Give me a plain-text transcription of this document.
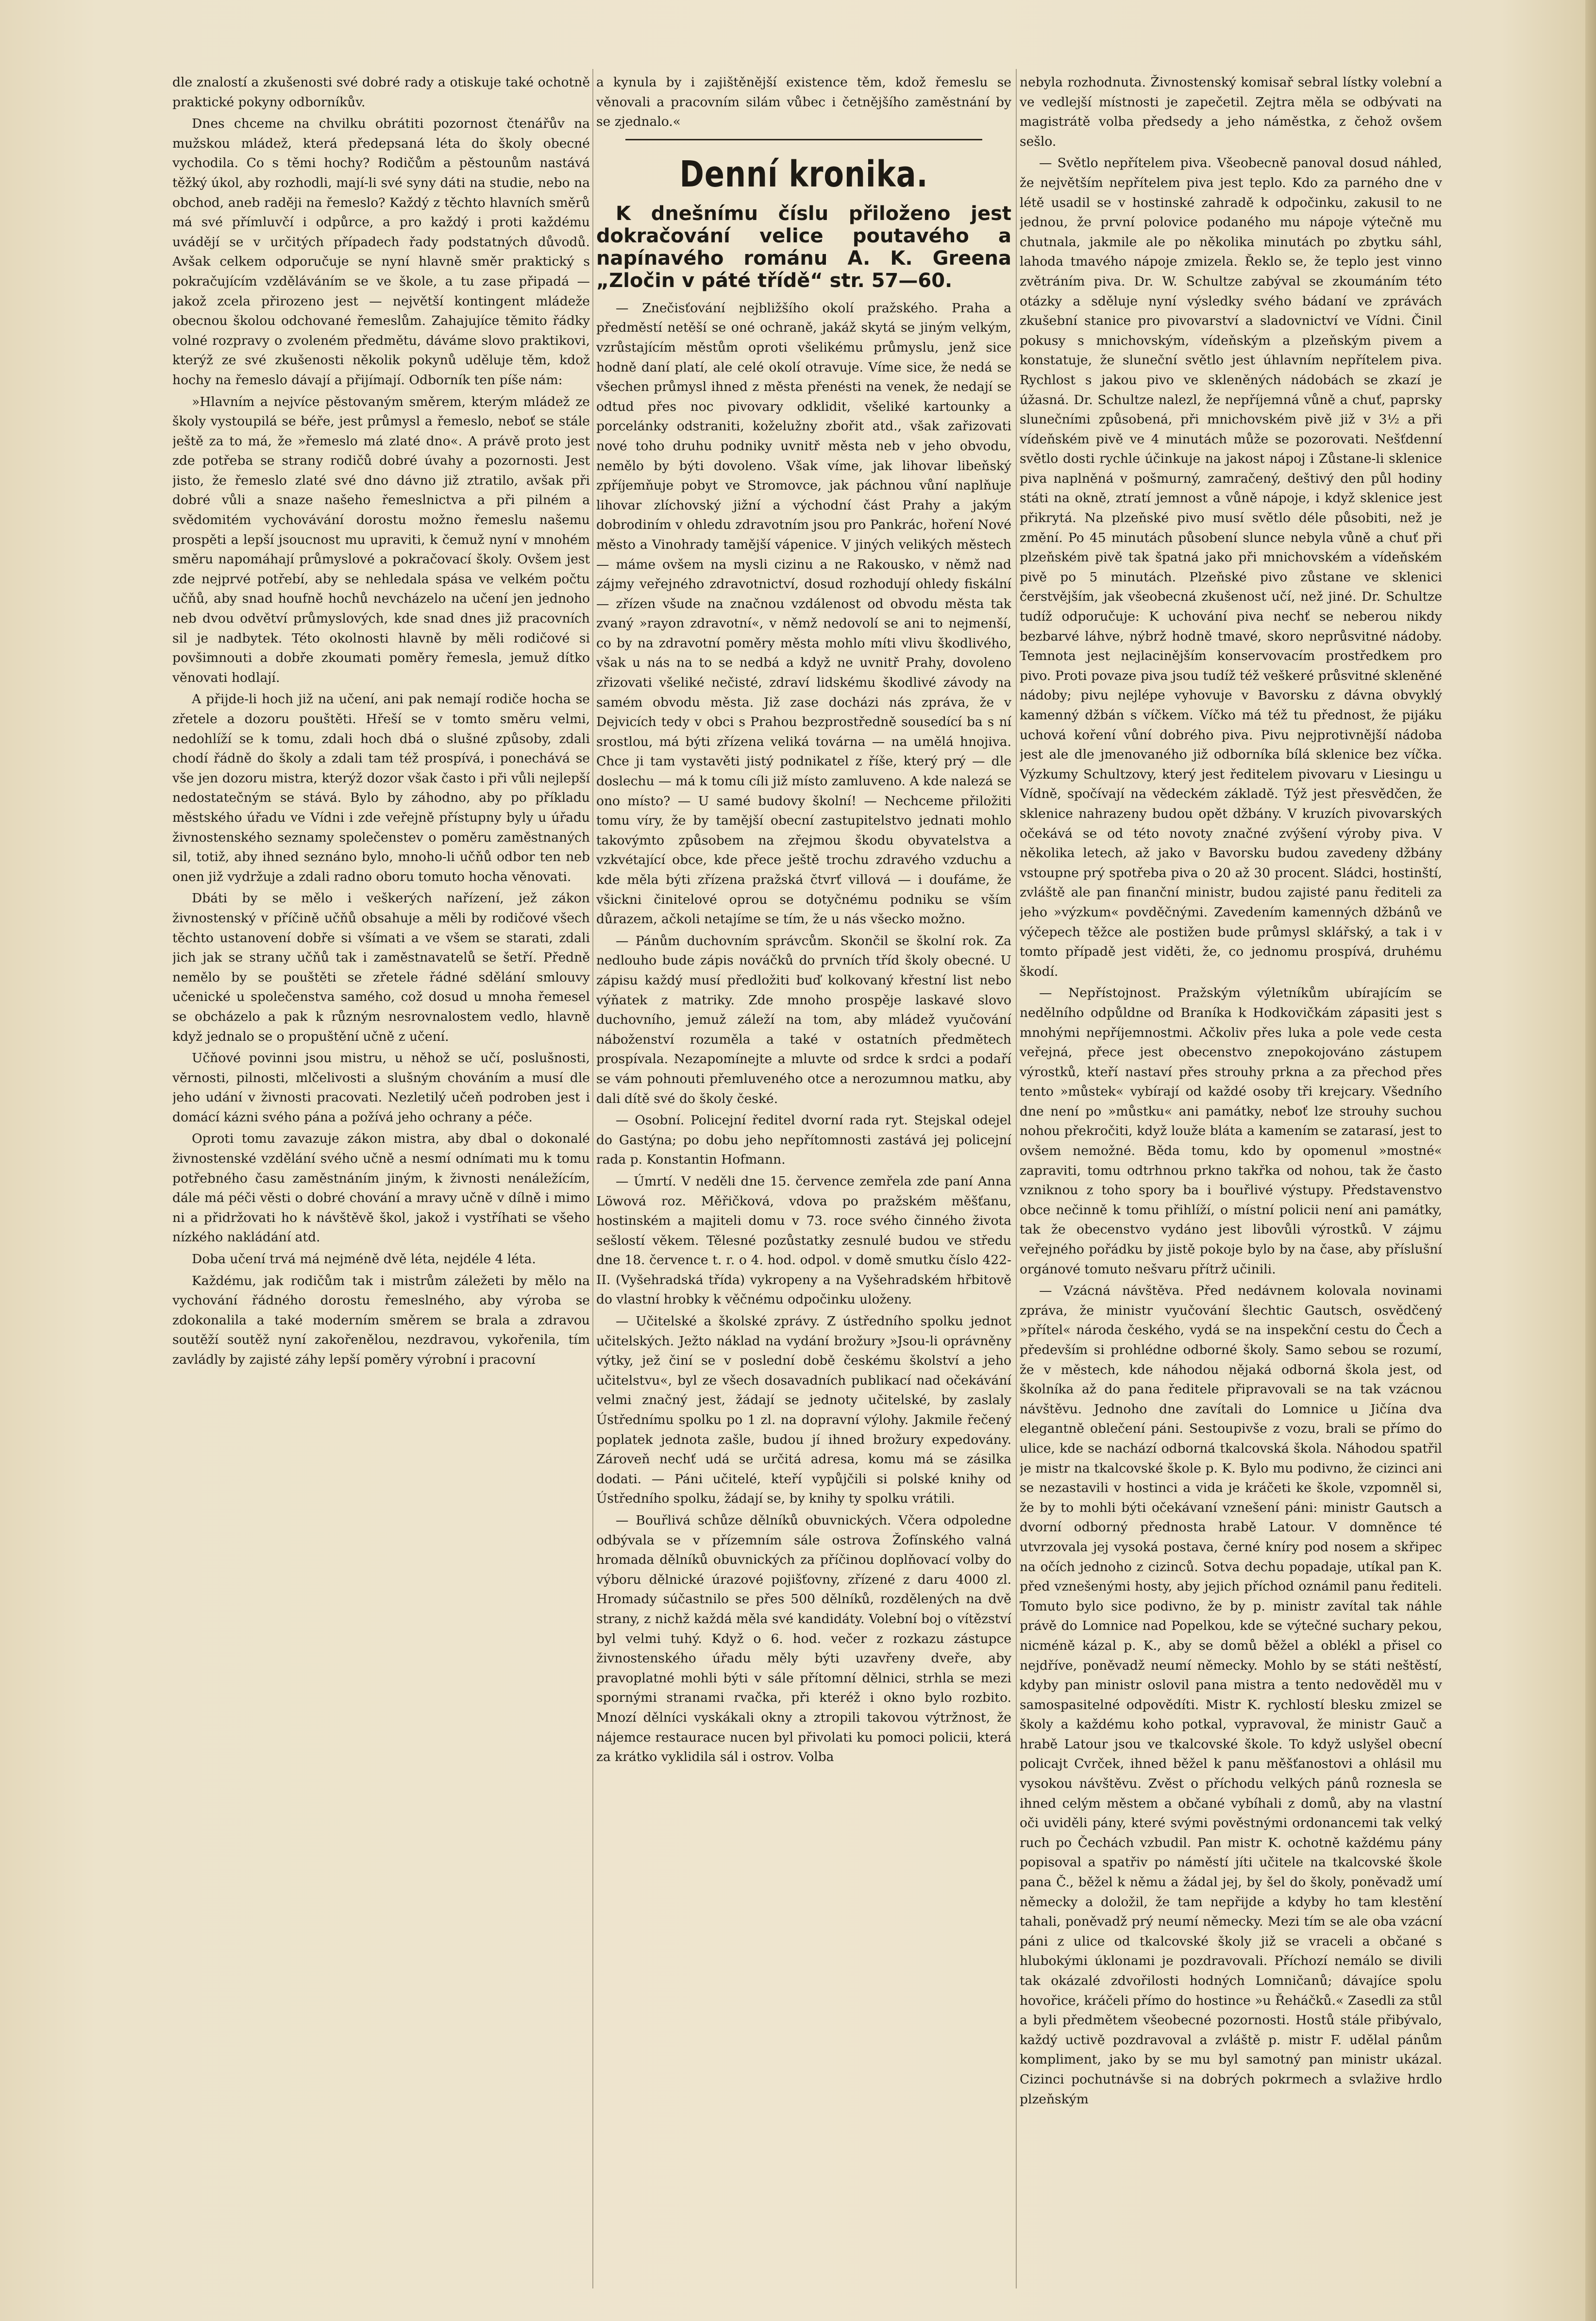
dle znalostí a zkušenosti své dobré rady a otiskuje také ochotně praktické pokyny odborníkův.

Dnes chceme na chvilku obrátiti pozornost čtenářův na mužskou mládež, která předepsaná léta do školy obecné vychodila. Co s těmi hochy? Rodičům a pěstounům nastává těžký úkol, aby rozhodli, mají-li své syny dáti na studie, nebo na obchod, aneb raději na řemeslo? Každý z těchto hlavních směrů má své přímluvčí i odpůrce, a pro každý i proti každému uvádějí se v určitých případech řady podstatných důvodů. Avšak celkem odporučuje se nyní hlavně směr praktický s pokračujícím vzděláváním se ve škole, a tu zase připadá — jakož zcela přirozeno jest — největší kontingent mládeže obecnou školou odchované řemeslům. Zahajujíce těmito řádky volné rozpravy o zvoleném předmětu, dáváme slovo praktikovi, kterýž ze své zkušenosti několik pokynů uděluje těm, kdož hochy na řemeslo dávají a přijímají. Odborník ten píše nám:

»Hlavním a nejvíce pěstovaným směrem, kterým mládež ze školy vystoupilá se béře, jest průmysl a řemeslo, neboť se stále ještě za to má, že »řemeslo má zlaté dno«. A právě proto jest zde potřeba se strany rodičů dobré úvahy a pozornosti. Jest jisto, že řemeslo zlaté své dno dávno již ztratilo, avšak při dobré vůli a snaze našeho řemeslnictva a při pilném a svědomitém vychovávání dorostu možno řemeslu našemu prospěti a lepší jsoucnost mu upraviti, k čemuž nyní v mnohém směru napomáhají průmyslové a pokračovací školy. Ovšem jest zde nejprvé potřebí, aby se nehledala spása ve velkém počtu učňů, aby snad houfně hochů nevcházelo na učení jen jednoho neb dvou odvětví průmyslových, kde snad dnes již pracovních sil je nadbytek. Této okolnosti hlavně by měli rodičové si povšimnouti a dobře zkoumati poměry řemesla, jemuž dítko věnovati hodlají.

A přijde-li hoch již na učení, ani pak nemají rodiče hocha se zřetele a dozoru pouštěti. Hřeší se v tomto směru velmi, nedohlíží se k tomu, zdali hoch dbá o slušné způsoby, zdali chodí řádně do školy a zdali tam též prospívá, i ponechává se vše jen dozoru mistra, kterýž dozor však často i při vůli nejlepší nedostatečným se stává. Bylo by záhodno, aby po příkladu městského úřadu ve Vídni i zde veřejně přístupny byly u úřadu živnostenského seznamy společenstev o poměru zaměstnaných sil, totiž, aby ihned seznáno bylo, mnoho-li učňů odbor ten neb onen již vydržuje a zdali radno oboru tomuto hocha věnovati.

Dbáti by se mělo i veškerých nařízení, jež zákon živnostenský v příčině učňů obsahuje a měli by rodičové všech těchto ustanovení dobře si všímati a ve všem se starati, zdali jich jak se strany učňů tak i zaměstnavatelů se šetří. Předně nemělo by se pouštěti se zřetele řádné sdělání smlouvy učenické u společenstva samého, což dosud u mnoha řemesel se obcházelo a pak k různým nesrovnalostem vedlo, hlavně když jednalo se o propuštění učně z učení.

Učňové povinni jsou mistru, u něhož se učí, poslušnosti, věrnosti, pilnosti, mlčelivosti a slušným chováním a musí dle jeho udání v živnosti pracovati. Nezletilý učeň podroben jest i domácí kázni svého pána a požívá jeho ochrany a péče.

Oproti tomu zavazuje zákon mistra, aby dbal o dokonalé živnostenské vzdělání svého učně a nesmí odnímati mu k tomu potřebného času zaměstnáním jiným, k živnosti nenáležícím, dále má péči věsti o dobré chování a mravy učně v dílně i mimo ni a přidržovati ho k návštěvě škol, jakož i vystříhati se všeho nízkého nakládání atd.

Doba učení trvá má nejméně dvě léta, nejdéle 4 léta.

Každému, jak rodičům tak i mistrům záležeti by mělo na vychování řádného dorostu řemeslného, aby výroba se zdokonalila a také moderním směrem se brala a zdravou soutěží soutěž nyní zakořenělou, nezdravou, vykořenila, tím zavládly by zajisté záhy lepší poměry výrobní i pracovní

a kynula by i zajištěnější existence těm, kdož řemeslu se věnovali a pracovním silám vůbec i četnějšího zaměstnání by se zjednalo.«

Denní kronika.

K dnešnímu číslu přiloženo jest dokračování velice poutavého a napínavého románu A. K. Greena „Zločin v páté třídě“ str. 57—60.

— Znečisťování nejbližšího okolí pražského. Praha a předměstí netěší se oné ochraně, jakáž skytá se jiným velkým, vzrůstajícím městům oproti všelikému průmyslu, jenž sice hodně daní platí, ale celé okolí otravuje. Víme sice, že nedá se všechen průmysl ihned z města přenésti na venek, že nedají se odtud přes noc pivovary odklidit, všeliké kartounky a porcelánky odstraniti, koželužny zbořit atd., však zařizovati nové toho druhu podniky uvnitř města neb v jeho obvodu, nemělo by býti dovoleno. Však víme, jak lihovar libeňský zpříjemňuje pobyt ve Stromovce, jak páchnou vůní naplňuje lihovar zlíchovský jižní a východní část Prahy a jakým dobrodiním v ohledu zdravotním jsou pro Pankrác, hoření Nové město a Vinohrady tamější vápenice. V jiných velikých městech — máme ovšem na mysli cizinu a ne Rakousko, v němž nad zájmy veřejného zdravotnictví, dosud rozhodují ohledy fiskální — zřízen všude na značnou vzdálenost od obvodu města tak zvaný »rayon zdravotní«, v němž nedovolí se ani to nejmenší, co by na zdravotní poměry města mohlo míti vlivu škodlivého, však u nás na to se nedbá a když ne uvnitř Prahy, dovoleno zřizovati všeliké nečisté, zdraví lidskému škodlivé závody na samém obvodu města. Již zase docházi nás zpráva, že v Dejvicích tedy v obci s Prahou bezprostředně sousedící ba s ní srostlou, má býti zřízena veliká továrna — na umělá hnojiva. Chce ji tam vystavěti jistý podnikatel z říše, který prý — dle doslechu — má k tomu cíli již místo zamluveno. A kde nalezá se ono místo? — U samé budovy školní! — Nechceme přiložiti tomu víry, že by tamější obecní zastupitelstvo jednati mohlo takovýmto způsobem na zřejmou škodu obyvatelstva a vzkvétající obce, kde přece ještě trochu zdravého vzduchu a kde měla býti zřízena pražská čtvrť villová — i doufáme, že všickni činitelové oprou se dotyčnému podniku se vším důrazem, ačkoli netajíme se tím, že u nás všecko možno.

— Pánům duchovním správcům. Skončil se školní rok. Za nedlouho bude zápis nováčků do prvních tříd školy obecné. U zápisu každý musí předložiti buď kolkovaný křestní list nebo výňatek z matriky. Zde mnoho prospěje laskavé slovo duchovního, jemuž záleží na tom, aby mládež vyučování náboženství rozuměla a také v ostatních předmětech prospívala. Nezapomínejte a mluvte od srdce k srdci a podaří se vám pohnouti přemluveného otce a nerozumnou matku, aby dali dítě své do školy české.

— Osobní. Policejní ředitel dvorní rada ryt. Stejskal odejel do Gastýna; po dobu jeho nepřítomnosti zastává jej policejní rada p. Konstantin Hofmann.

— Úmrtí. V neděli dne 15. července zemřela zde paní Anna Löwová roz. Měřičková, vdova po pražském měšťanu, hostinském a majiteli domu v 73. roce svého činného života sešlostí věkem. Tělesné pozůstatky zesnulé budou ve středu dne 18. července t. r. o 4. hod. odpol. v domě smutku číslo 422-II. (Vyšehradská třída) vykropeny a na Vyšehradském hřbitově do vlastní hrobky k věčnému odpočinku uloženy.

— Učitelské a školské zprávy. Z ústředního spolku jednot učitelských. Ježto náklad na vydání brožury »Jsou-li oprávněny výtky, jež činí se v poslední době českému školství a jeho učitelstvu«, byl ze všech dosavadních publikací nad očekávání velmi značný jest, žádají se jednoty učitelské, by zaslaly Ústřednímu spolku po 1 zl. na dopravní výlohy. Jakmile řečený poplatek jednota zašle, budou jí ihned brožury expedovány. Zároveň nechť udá se určitá adresa, komu má se zásilka dodati. — Páni učitelé, kteří vypůjčili si polské knihy od Ústředního spolku, žádají se, by knihy ty spolku vrátili.

— Bouřlivá schůze dělníků obuvnických. Včera odpoledne odbývala se v přízemním sále ostrova Žofínského valná hromada dělníků obuvnických za příčinou doplňovací volby do výboru dělnické úrazové pojišťovny, zřízené z daru 4000 zl. Hromady súčastnilo se přes 500 dělníků, rozdělených na dvě strany, z nichž každá měla své kandidáty. Volební boj o vítězství byl velmi tuhý. Když o 6. hod. večer z rozkazu zástupce živnostenského úřadu měly býti uzavřeny dveře, aby pravoplatné mohli býti v sále přítomní dělnici, strhla se mezi spornými stranami rvačka, při kteréž i okno bylo rozbito. Mnozí dělníci vyskákali okny a ztropili takovou výtržnost, že nájemce restaurace nucen byl přivolati ku pomoci policii, která za krátko vyklidila sál i ostrov. Volba

nebyla rozhodnuta. Živnostenský komisař sebral lístky volební a ve vedlejší místnosti je zapečetil. Zejtra měla se odbývati na magistrátě volba předsedy a jeho náměstka, z čehož ovšem sešlo.

— Světlo nepřítelem piva. Všeobecně panoval dosud náhled, že největším nepřítelem piva jest teplo. Kdo za parného dne v létě usadil se v hostinské zahradě k odpočinku, zakusil to ne jednou, že první polovice podaného mu nápoje výtečně mu chutnala, jakmile ale po několika minutách po zbytku sáhl, lahoda tmavého nápoje zmizela. Řeklo se, že teplo jest vinno zvětráním piva. Dr. W. Schultze zabýval se zkoumáním této otázky a sděluje nyní výsledky svého bádaní ve zprávách zkušební stanice pro pivovarství a sladovnictví ve Vídni. Činil pokusy s mnichovským, vídeňským a plzeňským pivem a konstatuje, že sluneční světlo jest úhlavním nepřítelem piva. Rychlost s jakou pivo ve skleněných nádobách se zkazí je úžasná. Dr. Schultze nalezl, že nepříjemná vůně a chuť, paprsky slunečními způsobená, při mnichovském pivě již v 3½ a při vídeňském pivě ve 4 minutách může se pozorovati. Nešťdenní světlo dosti rychle účinkuje na jakost nápoj i Zůstane-li sklenice piva naplněná v pošmurný, zamračený, deštivý den půl hodiny státi na okně, ztratí jemnost a vůně nápoje, i když sklenice jest přikrytá. Na plzeňské pivo musí světlo déle působiti, než je změní. Po 45 minutách působení slunce nebyla vůně a chuť při plzeňském pivě tak špatná jako při mnichovském a vídeňském pivě po 5 minutách. Plzeňské pivo zůstane ve sklenici čerstvějším, jak všeobecná zkušenost učí, než jiné. Dr. Schultze tudíž odporučuje: K uchování piva nechť se neberou nikdy bezbarvé láhve, nýbrž hodně tmavé, skoro neprůsvitné nádoby. Temnota jest nejlacinějším konservovacím prostředkem pro pivo. Proti povaze piva jsou tudíž též veškeré průsvitné skleněné nádoby; pivu nejlépe vyhovuje v Bavorsku z dávna obvyklý kamenný džbán s víčkem. Víčko má též tu přednost, že pijáku uchová koření vůní dobrého piva. Pivu nejprotivnější nádoba jest ale dle jmenovaného již odborníka bílá sklenice bez víčka. Výzkumy Schultzovy, který jest ředitelem pivovaru v Liesingu u Vídně, spočívají na vědeckém základě. Týž jest přesvědčen, že sklenice nahrazeny budou opět džbány. V kruzích pivovarských očekává se od této novoty značné zvýšení výroby piva. V několika letech, až jako v Bavorsku budou zavedeny džbány vstoupne prý spotřeba piva o 20 až 30 procent. Sládci, hostinští, zvláště ale pan finanční ministr, budou zajisté panu řediteli za jeho »výzkum« povděčnými. Zavedením kamenných džbánů ve výčepech těžce ale postižen bude průmysl sklářský, a tak i v tomto případě jest viděti, že, co jednomu prospívá, druhému škodí.

— Nepřístojnost. Pražským výletníkům ubírajícím se nedělního odpůldne od Braníka k Hodkovičkám zápasiti jest s mnohými nepříjemnostmi. Ačkoliv přes luka a pole vede cesta veřejná, přece jest obecenstvo znepokojováno zástupem výrostků, kteří nastaví přes strouhy prkna a za přechod přes tento »můstek« vybírají od každé osoby tři krejcary. Všedního dne není po »můstku« ani památky, neboť lze strouhy suchou nohou překročiti, když louže bláta a kamením se zatarasí, jest to ovšem nemožné. Běda tomu, kdo by opomenul »mostné« zapraviti, tomu odtrhnou prkno takřka od nohou, tak že často vzniknou z toho spory ba i bouřlivé výstupy. Představenstvo obce nečinně k tomu přihlíží, o místní policii není ani památky, tak že obecenstvo vydáno jest libovůli výrostků. V zájmu veřejného pořádku by jistě pokoje bylo by na čase, aby příslušní orgánové tomuto nešvaru přítrž učinili.

— Vzácná návštěva. Před nedávnem kolovala novinami zpráva, že ministr vyučování šlechtic Gautsch, osvědčený »přítel« národa českého, vydá se na inspekční cestu do Čech a především si prohlédne odborné školy. Samo sebou se rozumí, že v městech, kde náhodou nějaká odborná škola jest, od školníka až do pana ředitele připravovali se na tak vzácnou návštěvu. Jednoho dne zavítali do Lomnice u Jičína dva elegantně oblečení páni. Sestoupivše z vozu, brali se přímo do ulice, kde se nachází odborná tkalcovská škola. Náhodou spatřil je mistr na tkalcovské škole p. K. Bylo mu podivno, že cizinci ani se nezastavili v hostinci a vida je kráčeti ke škole, vzpomněl si, že by to mohli býti očekávaní vznešení páni: ministr Gautsch a dvorní odborný přednosta hrabě Latour. V domněnce té utvrzovala jej vysoká postava, černé kníry pod nosem a skřipec na očích jednoho z cizinců. Sotva dechu popadaje, utíkal pan K. před vznešenými hosty, aby jejich příchod oznámil panu řediteli. Tomuto bylo sice podivno, že by p. ministr zavítal tak náhle právě do Lomnice nad Popelkou, kde se výtečné suchary pekou, nicméně kázal p. K., aby se domů běžel a oblékl a přisel co nejdříve, poněvadž neumí německy. Mohlo by se státi neštěstí, kdyby pan ministr oslovil pana mistra a tento nedověděl mu v samospasitelné odpovědíti. Mistr K. rychlostí blesku zmizel se školy a každému koho potkal, vypravoval, že ministr Gauč a hrabě Latour jsou ve tkalcovské škole. To když uslyšel obecní policajt Cvrček, ihned běžel k panu měšťanostovi a ohlásil mu vysokou návštěvu. Zvěst o příchodu velkých pánů roznesla se ihned celým městem a občané vybíhali z domů, aby na vlastní oči uviděli pány, které svými pověstnými ordonancemi tak velký ruch po Čechách vzbudil. Pan mistr K. ochotně každému pány popisoval a spatřiv po náměstí jíti učitele na tkalcovské škole pana Č., běžel k němu a žádal jej, by šel do školy, poněvadž umí německy a doložil, že tam nepřijde a kdyby ho tam klestění tahali, poněvadž prý neumí německy. Mezi tím se ale oba vzácní páni z ulice od tkalcovské školy již se vraceli a občané s hlubokými úklonami je pozdravovali. Příchozí nemálo se divili tak okázalé zdvořilosti hodných Lomničanů; dávajíce spolu hovořice, kráčeli přímo do hostince »u Řeháčků.« Zasedli za stůl a byli předmětem všeobecné pozornosti. Hostů stále přibývalo, každý uctivě pozdravoval a zvláště p. mistr F. udělal pánům kompliment, jako by se mu byl samotný pan ministr ukázal. Cizinci pochutnávše si na dobrých pokrmech a svlažive hrdlo plzeňským
